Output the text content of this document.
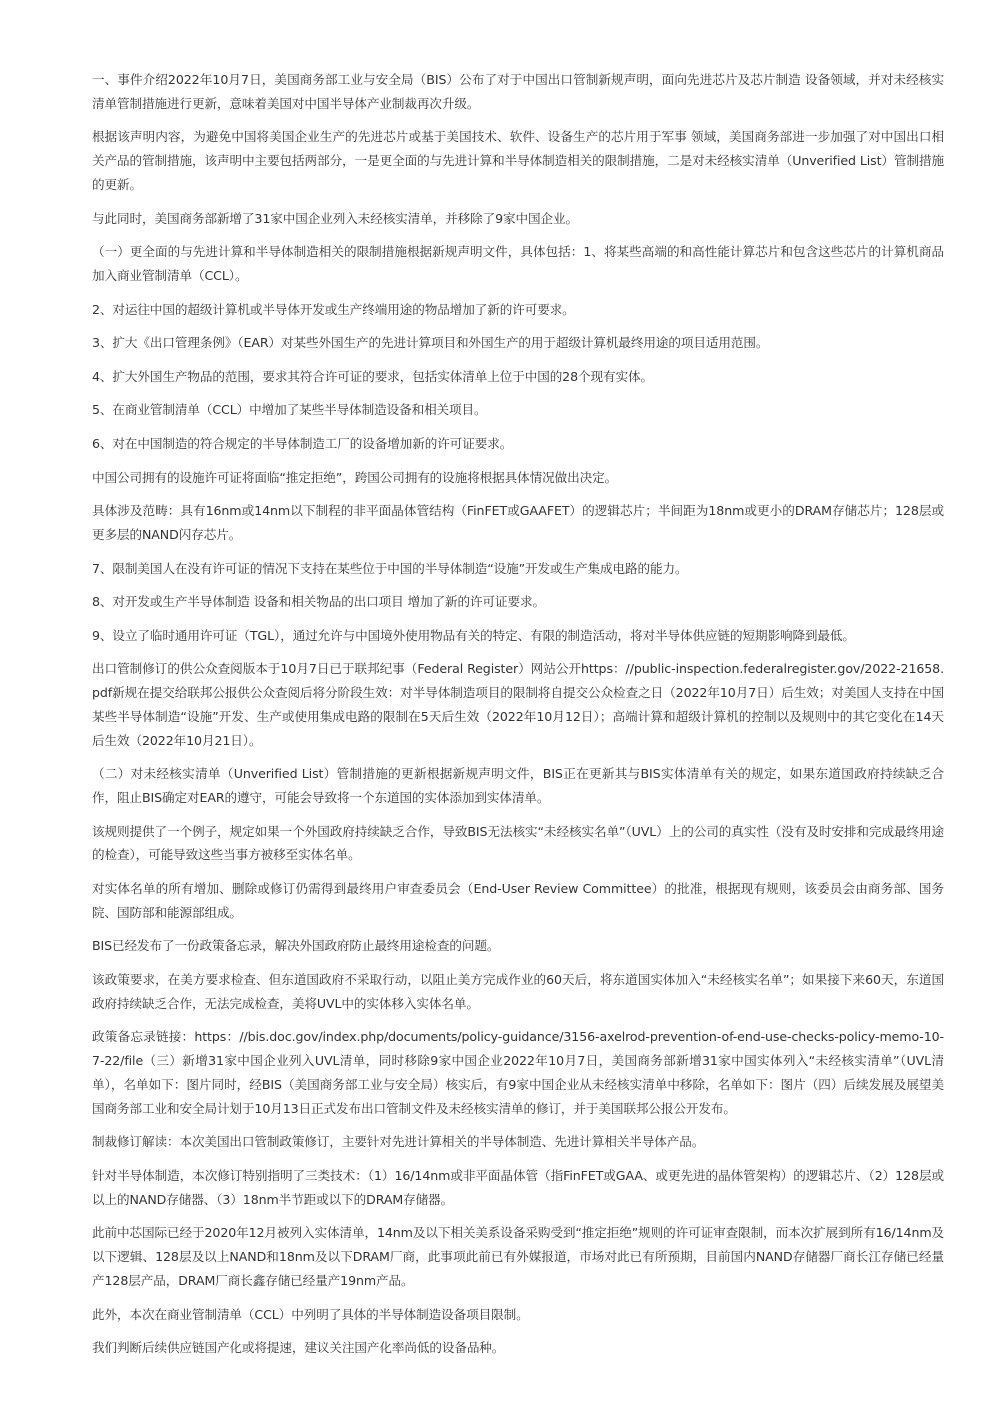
一、事件介绍2022年10月7日，美国商务部工业与安全局（BIS）公布了对于中国出口管制新规声明，面向先进芯片及芯片制造 设备领域，并对未经核实清单管制措施进行更新，意味着美国对中国半导体产业制裁再次升级。

根据该声明内容，为避免中国将美国企业生产的先进芯片或基于美国技术、软件、设备生产的芯片用于军事 领域，美国商务部进一步加强了对中国出口相关产品的管制措施，该声明中主要包括两部分，一是更全面的与先进计算和半导体制造相关的限制措施，二是对未经核实清单（Unverified List）管制措施的更新。

与此同时，美国商务部新增了31家中国企业列入未经核实清单，并移除了9家中国企业。

（一）更全面的与先进计算和半导体制造相关的限制措施根据新规声明文件，具体包括：1、将某些高端的和高性能计算芯片和包含这些芯片的计算机商品加入商业管制清单（CCL）。

2、对运往中国的超级计算机或半导体开发或生产终端用途的物品增加了新的许可要求。

3、扩大《出口管理条例》（EAR）对某些外国生产的先进计算项目和外国生产的用于超级计算机最终用途的项目适用范围。

4、扩大外国生产物品的范围，要求其符合许可证的要求，包括实体清单上位于中国的28个现有实体。

5、在商业管制清单（CCL）中增加了某些半导体制造设备和相关项目。

6、对在中国制造的符合规定的半导体制造工厂的设备增加新的许可证要求。

中国公司拥有的设施许可证将面临“推定拒绝”，跨国公司拥有的设施将根据具体情况做出决定。

具体涉及范畴：具有16nm或14nm以下制程的非平面晶体管结构（FinFET或GAAFET）的逻辑芯片；半间距为18nm或更小的DRAM存储芯片；128层或更多层的NAND闪存芯片。

7、限制美国人在没有许可证的情况下支持在某些位于中国的半导体制造“设施”开发或生产集成电路的能力。

8、对开发或生产半导体制造 设备和相关物品的出口项目 增加了新的许可证要求。

9、设立了临时通用许可证（TGL），通过允许与中国境外使用物品有关的特定、有限的制造活动，将对半导体供应链的短期影响降到最低。

出口管制修订的供公众查阅版本于10月7日已于联邦纪事（Federal Register）网站公开https：//public-inspection.federalregister.gov/2022-21658.pdf新规在提交给联邦公报供公众查阅后将分阶段生效：对半导体制造项目的限制将自提交公众检查之日（2022年10月7日）后生效；对美国人支持在中国某些半导体制造“设施”开发、生产或使用集成电路的限制在5天后生效（2022年10月12日）；高端计算和超级计算机的控制以及规则中的其它变化在14天后生效（2022年10月21日）。

（二）对未经核实清单（Unverified List）管制措施的更新根据新规声明文件，BIS正在更新其与BIS实体清单有关的规定，如果东道国政府持续缺乏合作，阻止BIS确定对EAR的遵守，可能会导致将一个东道国的实体添加到实体清单。

该规则提供了一个例子，规定如果一个外国政府持续缺乏合作，导致BIS无法核实“未经核实名单”（UVL）上的公司的真实性（没有及时安排和完成最终用途的检查），可能导致这些当事方被移至实体名单。

对实体名单的所有增加、删除或修订仍需得到最终用户审查委员会（End-User Review Committee）的批准，根据现有规则，该委员会由商务部、国务院、国防部和能源部组成。

BIS已经发布了一份政策备忘录，解决外国政府防止最终用途检查的问题。

该政策要求，在美方要求检查、但东道国政府不采取行动，以阻止美方完成作业的60天后，将东道国实体加入“未经核实名单”；如果接下来60天，东道国政府持续缺乏合作，无法完成检查，美将UVL中的实体移入实体名单。

政策备忘录链接：https：//bis.doc.gov/index.php/documents/policy-guidance/3156-axelrod-prevention-of-end-use-checks-policy-memo-10-7-22/file（三）新增31家中国企业列入UVL清单，同时移除9家中国企业2022年10月7日，美国商务部新增31家中国实体列入“未经核实清单”（UVL清单），名单如下：图片同时，经BIS（美国商务部工业与安全局）核实后，有9家中国企业从未经核实清单中移除，名单如下：图片（四）后续发展及展望美国商务部工业和安全局计划于10月13日正式发布出口管制文件及未经核实清单的修订，并于美国联邦公报公开发布。

制裁修订解读：本次美国出口管制政策修订，主要针对先进计算相关的半导体制造、先进计算相关半导体产品。

针对半导体制造，本次修订特别指明了三类技术：（1）16/14nm或非平面晶体管（指FinFET或GAA、或更先进的晶体管架构）的逻辑芯片、（2）128层或以上的NAND存储器、（3）18nm半节距或以下的DRAM存储器。

此前中芯国际已经于2020年12月被列入实体清单，14nm及以下相关美系设备采购受到“推定拒绝”规则的许可证审查限制，而本次扩展到所有16/14nm及以下逻辑、128层及以上NAND和18nm及以下DRAM厂商，此事项此前已有外媒报道，市场对此已有所预期，目前国内NAND存储器厂商长江存储已经量产128层产品，DRAM厂商长鑫存储已经量产19nm产品。

此外，本次在商业管制清单（CCL）中列明了具体的半导体制造设备项目限制。

我们判断后续供应链国产化或将提速，建议关注国产化率尚低的设备品种。
